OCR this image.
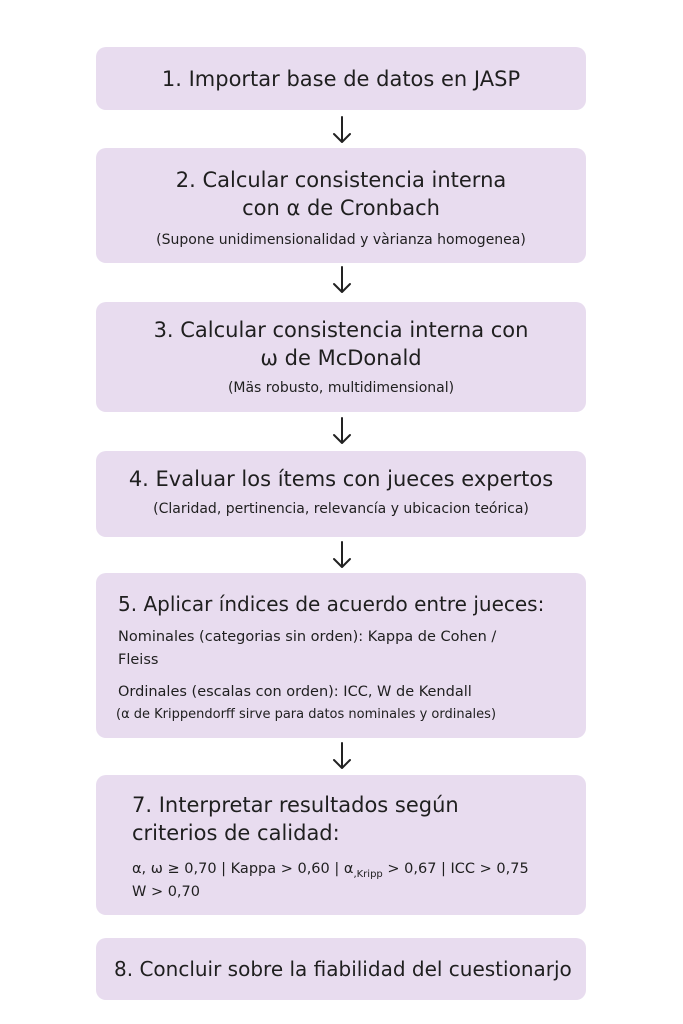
1. Importar base de datos en JASP
2. Calcular consistencia interna
con α de Cronbach
(Supone unidimensionalidad y vàrianza homogenea)
3. Calcular consistencia interna con
ω de McDonald
(Mäs robusto, multidimensional)
4. Evaluar los ítems con jueces expertos
(Claridad, pertinencia, relevancía y ubicacion teórica)
5. Aplicar índices de acuerdo entre jueces:
Nominales (categorias sin orden): Kappa de Cohen /
Fleiss
Ordinales (escalas con orden): ICC, W de Kendall
(α de Krippendorff sirve para datos nominales y ordinales)
7. Interpretar resultados según
criterios de calidad:
α, ω ≥ 0,70 | Kappa > 0,60 | $\alpha_{,Kripp} > 0,67$ | ICC > 0,75
W > 0,70
8. Concluir sobre la fiabilidad del cuestionarjo
